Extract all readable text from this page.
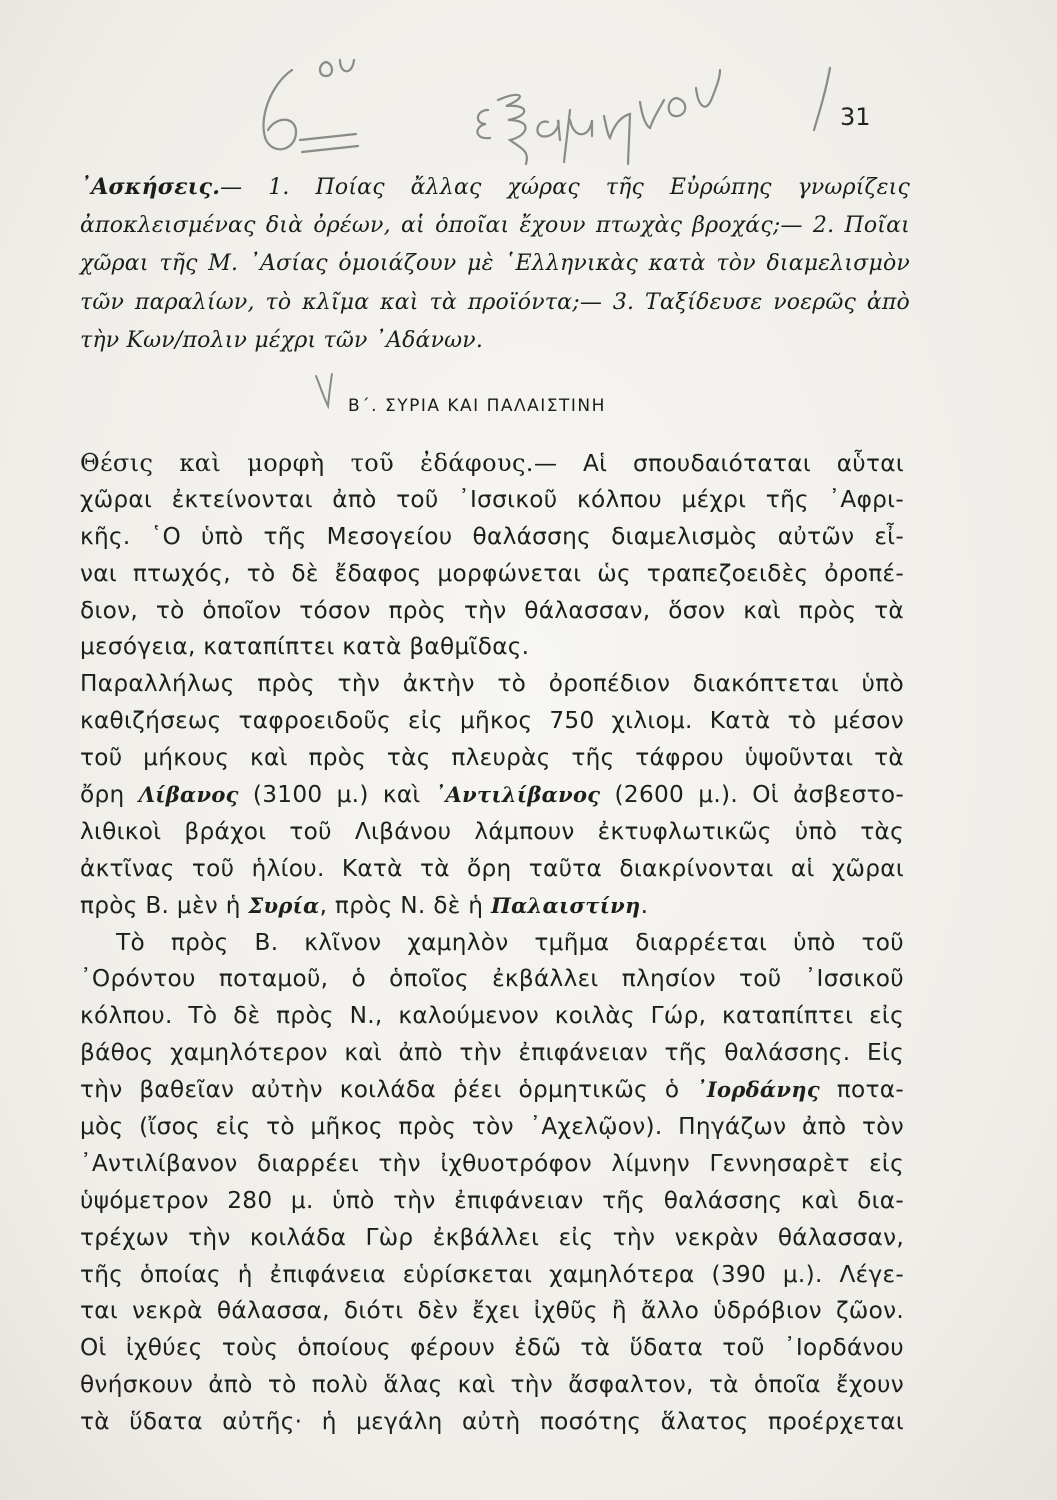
31
᾿Ασκήσεις.— 1. Ποίας ἄλλας χώρας τῆς Εὐρώπης γνωρίζεις
ἀποκλεισμένας διὰ ὀρέων, αἱ ὁποῖαι ἔχουν πτωχὰς βροχάς;— 2. Ποῖαι
χῶραι τῆς Μ. ᾿Ασίας ὁμοιάζουν μὲ ῾Ελληνικὰς κατὰ τὸν διαμελισμὸν
τῶν παραλίων, τὸ κλῖμα καὶ τὰ προϊόντα;— 3. Ταξίδευσε νοερῶς ἀπὸ
τὴν Κων/πολιν μέχρι τῶν ᾿Αδάνων.
Β΄. ΣΥΡΙΑ ΚΑΙ ΠΑΛΑΙΣΤΙΝΗ
Θέσις καὶ μορφὴ τοῦ ἐδάφους.— Αἱ σπουδαιόταται αὗται
χῶραι ἐκτείνονται ἀπὸ τοῦ ᾿Ισσικοῦ κόλπου μέχρι τῆς ᾿Αφρι-
κῆς. ῾Ο ὑπὸ τῆς Μεσογείου θαλάσσης διαμελισμὸς αὐτῶν εἶ-
ναι πτωχός, τὸ δὲ ἔδαφος μορφώνεται ὡς τραπεζοειδὲς ὀροπέ-
διον, τὸ ὁποῖον τόσον πρὸς τὴν θάλασσαν, ὅσον καὶ πρὸς τὰ
μεσόγεια, καταπίπτει κατὰ βαθμῖδας.
Παραλλήλως πρὸς τὴν ἀκτὴν τὸ ὀροπέδιον διακόπτεται ὑπὸ
καθιζήσεως ταφροειδοῦς εἰς μῆκος 750 χιλιομ. Κατὰ τὸ μέσον
τοῦ μήκους καὶ πρὸς τὰς πλευρὰς τῆς τάφρου ὑψοῦνται τὰ
ὄρη Λίβανος (3100 μ.) καὶ ᾿Αντιλίβανος (2600 μ.). Οἱ ἀσβεστο-
λιθικοὶ βράχοι τοῦ Λιβάνου λάμπουν ἐκτυφλωτικῶς ὑπὸ τὰς
ἀκτῖνας τοῦ ἡλίου. Κατὰ τὰ ὄρη ταῦτα διακρίνονται αἱ χῶραι
πρὸς Β. μὲν ἡ Συρία, πρὸς Ν. δὲ ἡ Παλαιστίνη.
Τὸ πρὸς Β. κλῖνον χαμηλὸν τμῆμα διαρρέεται ὑπὸ τοῦ
᾿Ορόντου ποταμοῦ, ὁ ὁποῖος ἐκβάλλει πλησίον τοῦ ᾿Ισσικοῦ
κόλπου. Τὸ δὲ πρὸς Ν., καλούμενον κοιλὰς Γώρ, καταπίπτει εἰς
βάθος χαμηλότερον καὶ ἀπὸ τὴν ἐπιφάνειαν τῆς θαλάσσης. Εἰς
τὴν βαθεῖαν αὐτὴν κοιλάδα ῥέει ὁρμητικῶς ὁ ᾿Ιορδάνης ποτα-
μὸς (ἴσος εἰς τὸ μῆκος πρὸς τὸν ᾿Αχελῷον). Πηγάζων ἀπὸ τὸν
᾿Αντιλίβανον διαρρέει τὴν ἰχθυοτρόφον λίμνην Γεννησαρὲτ εἰς
ὑψόμετρον 280 μ. ὑπὸ τὴν ἐπιφάνειαν τῆς θαλάσσης καὶ δια-
τρέχων τὴν κοιλάδα Γὼρ ἐκβάλλει εἰς τὴν νεκρὰν θάλασσαν,
τῆς ὁποίας ἡ ἐπιφάνεια εὑρίσκεται χαμηλότερα (390 μ.). Λέγε-
ται νεκρὰ θάλασσα, διότι δὲν ἔχει ἰχθῦς ἢ ἄλλο ὑδρόβιον ζῶον.
Οἱ ἰχθύες τοὺς ὁποίους φέρουν ἐδῶ τὰ ὕδατα τοῦ ᾿Ιορδάνου
θνήσκουν ἀπὸ τὸ πολὺ ἅλας καὶ τὴν ἄσφαλτον, τὰ ὁποῖα ἔχουν
τὰ ὕδατα αὐτῆς· ἡ μεγάλη αὐτὴ ποσότης ἅλατος προέρχεται
